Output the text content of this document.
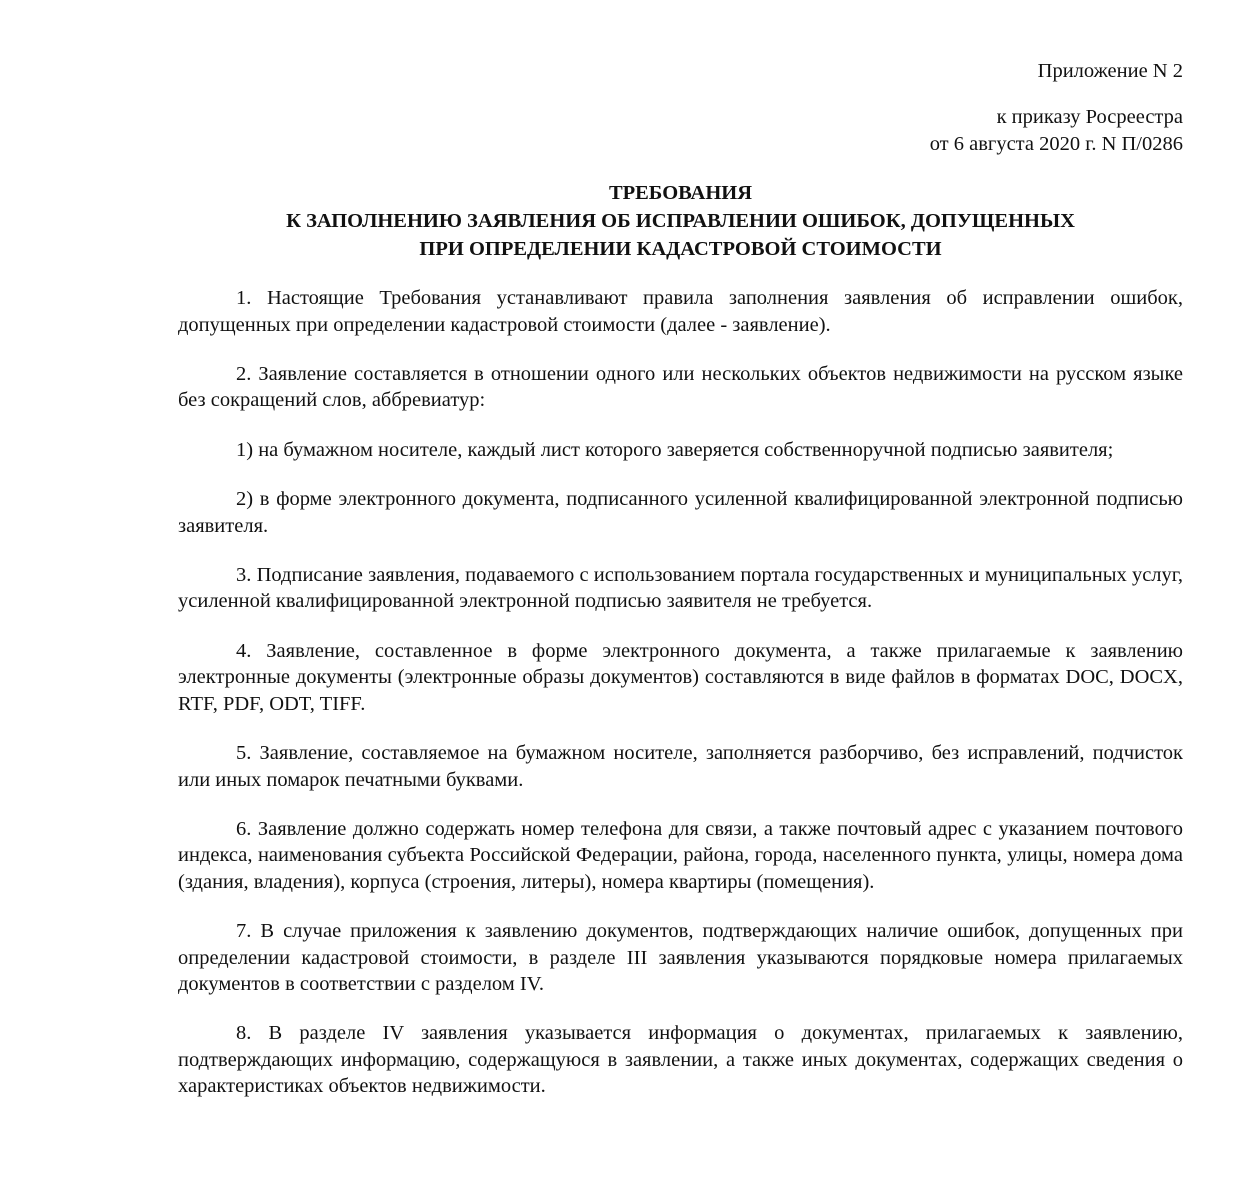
Приложение N 2
к приказу Росреестра
от 6 августа 2020 г. N П/0286
ТРЕБОВАНИЯ
К ЗАПОЛНЕНИЮ ЗАЯВЛЕНИЯ ОБ ИСПРАВЛЕНИИ ОШИБОК, ДОПУЩЕННЫХ
ПРИ ОПРЕДЕЛЕНИИ КАДАСТРОВОЙ СТОИМОСТИ

1. Настоящие Требования устанавливают правила заполнения заявления об исправлении ошибок, допущенных при определении кадастровой стоимости (далее - заявление).

2. Заявление составляется в отношении одного или нескольких объектов недвижимости на русском языке без сокращений слов, аббревиатур:

1) на бумажном носителе, каждый лист которого заверяется собственноручной подписью заявителя;

2) в форме электронного документа, подписанного усиленной квалифицированной электронной подписью заявителя.

3. Подписание заявления, подаваемого с использованием портала государственных и муниципальных услуг, усиленной квалифицированной электронной подписью заявителя не требуется.

4. Заявление, составленное в форме электронного документа, а также прилагаемые к заявлению электронные документы (электронные образы документов) составляются в виде файлов в форматах DOC, DOCX, RTF, PDF, ODT, TIFF.

5. Заявление, составляемое на бумажном носителе, заполняется разборчиво, без исправлений, подчисток или иных помарок печатными буквами.

6. Заявление должно содержать номер телефона для связи, а также почтовый адрес с указанием почтового индекса, наименования субъекта Российской Федерации, района, города, населенного пункта, улицы, номера дома (здания, владения), корпуса (строения, литеры), номера квартиры (помещения).

7. В случае приложения к заявлению документов, подтверждающих наличие ошибок, допущенных при определении кадастровой стоимости, в разделе III заявления указываются порядковые номера прилагаемых документов в соответствии с разделом IV.

8. В разделе IV заявления указывается информация о документах, прилагаемых к заявлению, подтверждающих информацию, содержащуюся в заявлении, а также иных документах, содержащих сведения о характеристиках объектов недвижимости.
